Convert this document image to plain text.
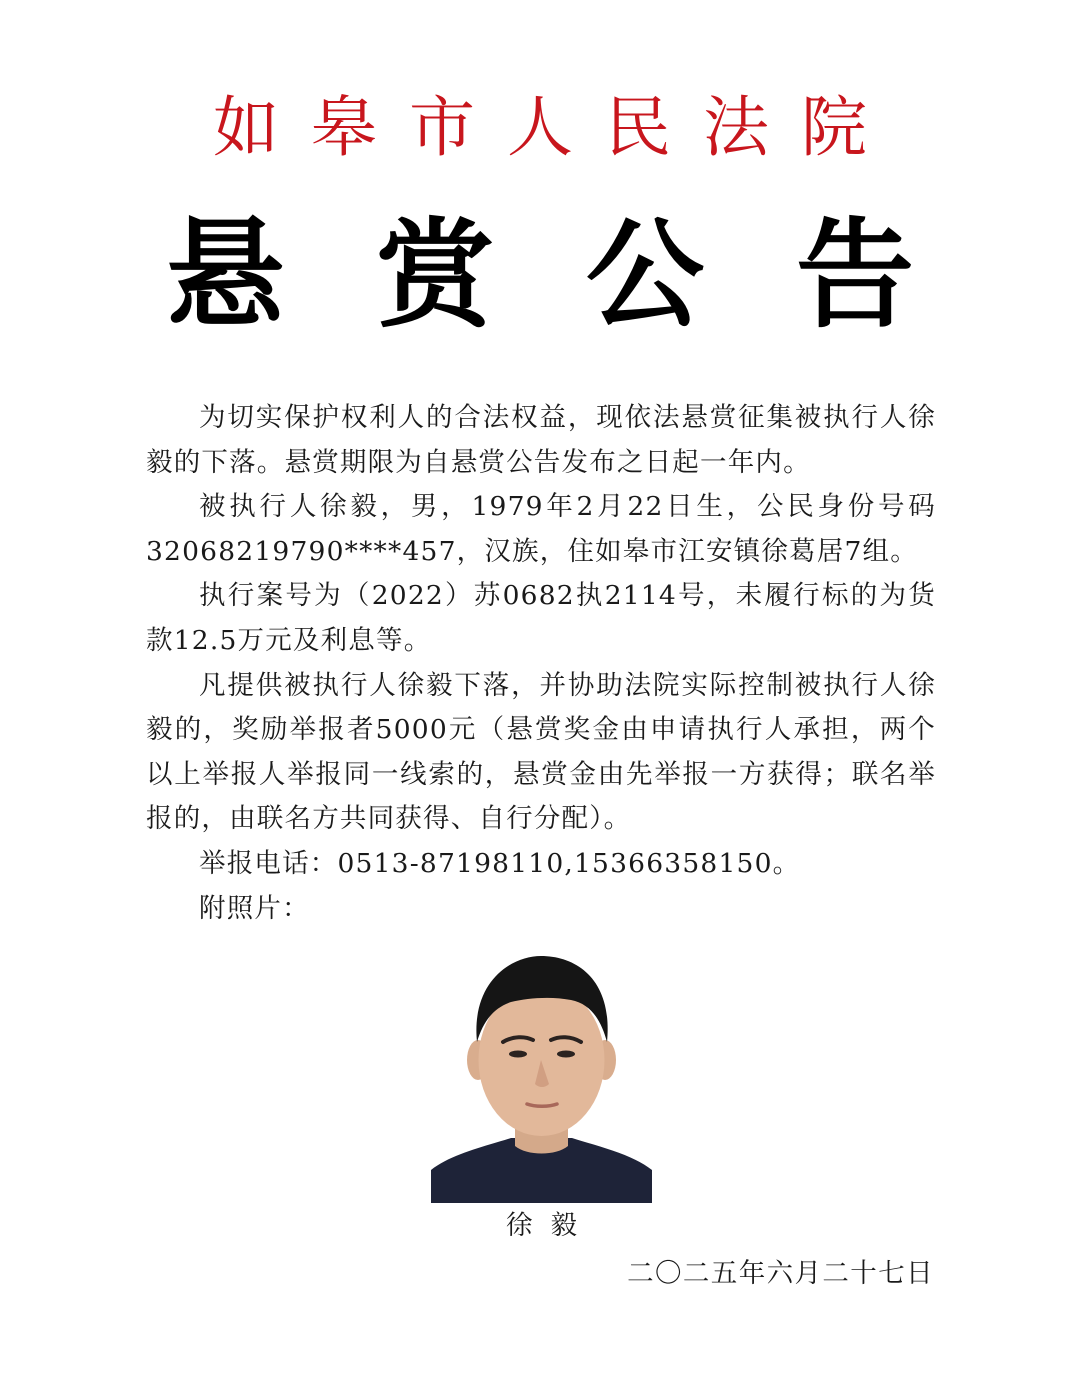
如皋市人民法院
悬赏公告

为切实保护权利人的合法权益，现依法悬赏征集被执行人徐毅的下落。悬赏期限为自悬赏公告发布之日起一年内。

被执行人徐毅，男，1979年2月22日生，公民身份号码32068219790****457，汉族，住如皋市江安镇徐葛居7组。

执行案号为（2022）苏0682执2114号，未履行标的为货款12.5万元及利息等。

凡提供被执行人徐毅下落，并协助法院实际控制被执行人徐毅的，奖励举报者5000元（悬赏奖金由申请执行人承担，两个以上举报人举报同一线索的，悬赏金由先举报一方获得；联名举报的，由联名方共同获得、自行分配）。

举报电话：0513-87198110,15366358150。

附照片：

徐毅
二〇二五年六月二十七日
